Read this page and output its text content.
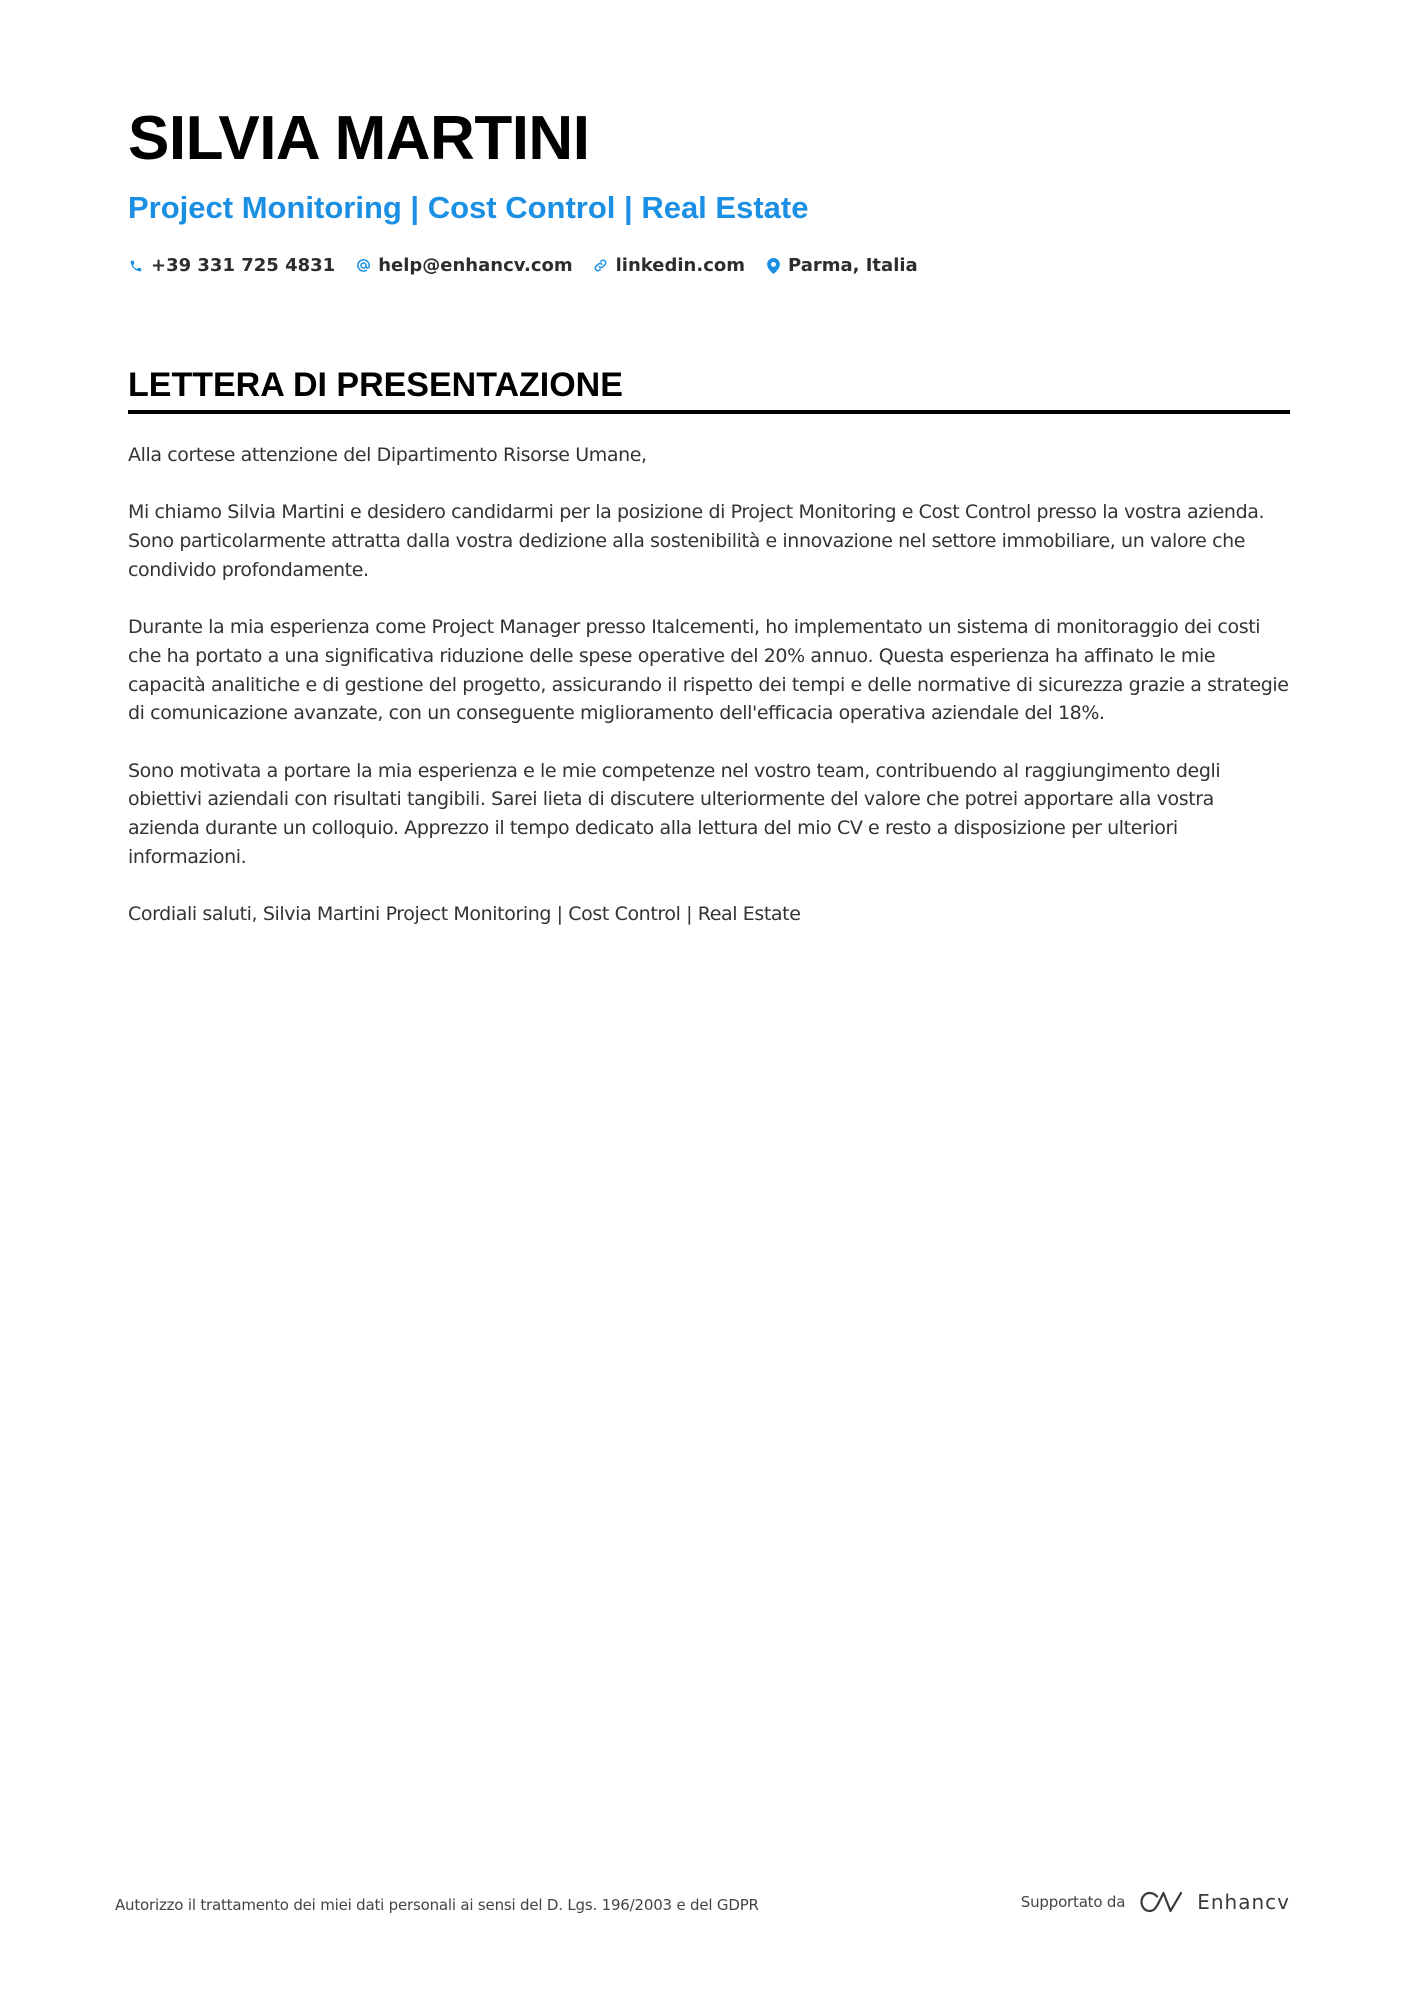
SILVIA MARTINI
Project Monitoring | Cost Control | Real Estate
+39 331 725 4831 help@enhancv.com linkedin.com Parma, Italia
LETTERA DI PRESENTAZIONE

Alla cortese attenzione del Dipartimento Risorse Umane,

Mi chiamo Silvia Martini e desidero candidarmi per la posizione di Project Monitoring e Cost Control presso la vostra azienda. Sono particolarmente attratta dalla vostra dedizione alla sostenibilità e innovazione nel settore immobiliare, un valore che condivido profondamente.

Durante la mia esperienza come Project Manager presso Italcementi, ho implementato un sistema di monitoraggio dei costi che ha portato a una significativa riduzione delle spese operative del 20% annuo. Questa esperienza ha affinato le mie capacità analitiche e di gestione del progetto, assicurando il rispetto dei tempi e delle normative di sicurezza grazie a strategie di comunicazione avanzate, con un conseguente miglioramento dell'efficacia operativa aziendale del 18%.

Sono motivata a portare la mia esperienza e le mie competenze nel vostro team, contribuendo al raggiungimento degli obiettivi aziendali con risultati tangibili. Sarei lieta di discutere ulteriormente del valore che potrei apportare alla vostra azienda durante un colloquio. Apprezzo il tempo dedicato alla lettura del mio CV e resto a disposizione per ulteriori informazioni.

Cordiali saluti, Silvia Martini Project Monitoring | Cost Control | Real Estate

Autorizzo il trattamento dei miei dati personali ai sensi del D. Lgs. 196/2003 e del GDPR	Supportato da	Enhancv
